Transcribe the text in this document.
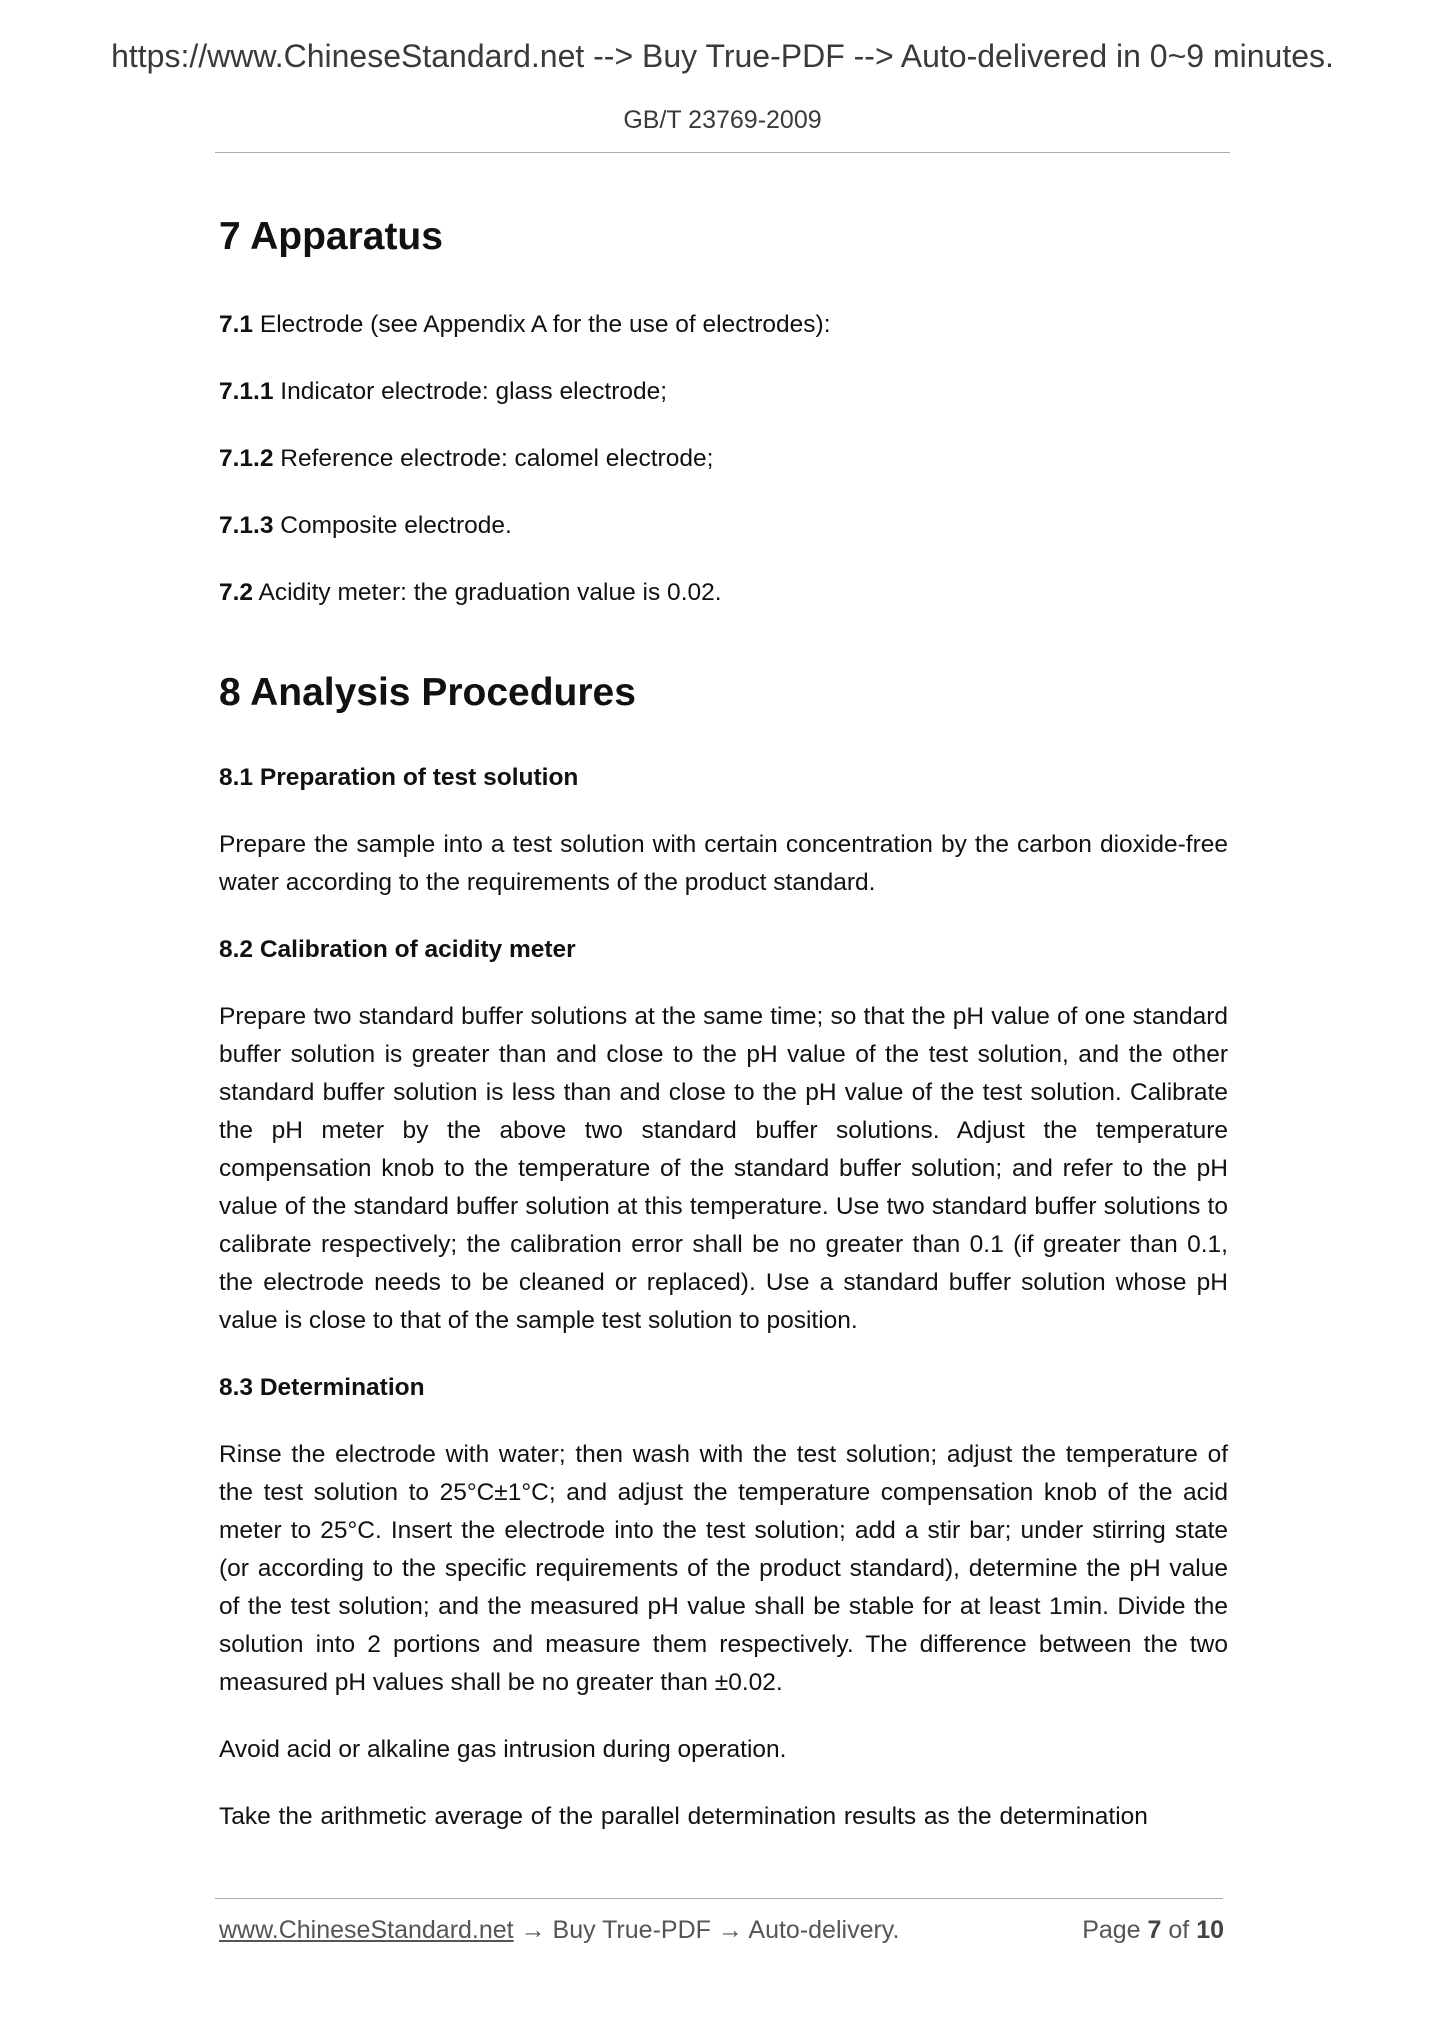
https://www.ChineseStandard.net --> Buy True-PDF --> Auto-delivered in 0~9 minutes.
GB/T 23769-2009
7 Apparatus

7.1 Electrode (see Appendix A for the use of electrodes):

7.1.1 Indicator electrode: glass electrode;

7.1.2 Reference electrode: calomel electrode;

7.1.3 Composite electrode.

7.2 Acidity meter: the graduation value is 0.02.

8 Analysis Procedures
8.1 Preparation of test solution

Prepare the sample into a test solution with certain concentration by the carbon dioxide-free water according to the requirements of the product standard.

8.2 Calibration of acidity meter

Prepare two standard buffer solutions at the same time; so that the pH value of one standard buffer solution is greater than and close to the pH value of the test solution, and the other standard buffer solution is less than and close to the pH value of the test solution. Calibrate the pH meter by the above two standard buffer solutions. Adjust the temperature compensation knob to the temperature of the standard buffer solution; and refer to the pH value of the standard buffer solution at this temperature. Use two standard buffer solutions to calibrate respectively; the calibration error shall be no greater than 0.1 (if greater than 0.1, the electrode needs to be cleaned or replaced). Use a standard buffer solution whose pH value is close to that of the sample test solution to position.

8.3 Determination

Rinse the electrode with water; then wash with the test solution; adjust the temperature of the test solution to 25°C±1°C; and adjust the temperature compensation knob of the acid meter to 25°C. Insert the electrode into the test solution; add a stir bar; under stirring state (or according to the specific requirements of the product standard), determine the pH value of the test solution; and the measured pH value shall be stable for at least 1min. Divide the solution into 2 portions and measure them respectively. The difference between the two measured pH values shall be no greater than ±0.02.

Avoid acid or alkaline gas intrusion during operation.

Take the arithmetic average of the parallel determination results as the determination

www.ChineseStandard.net → Buy True-PDF → Auto-delivery.	Page 7 of 10
